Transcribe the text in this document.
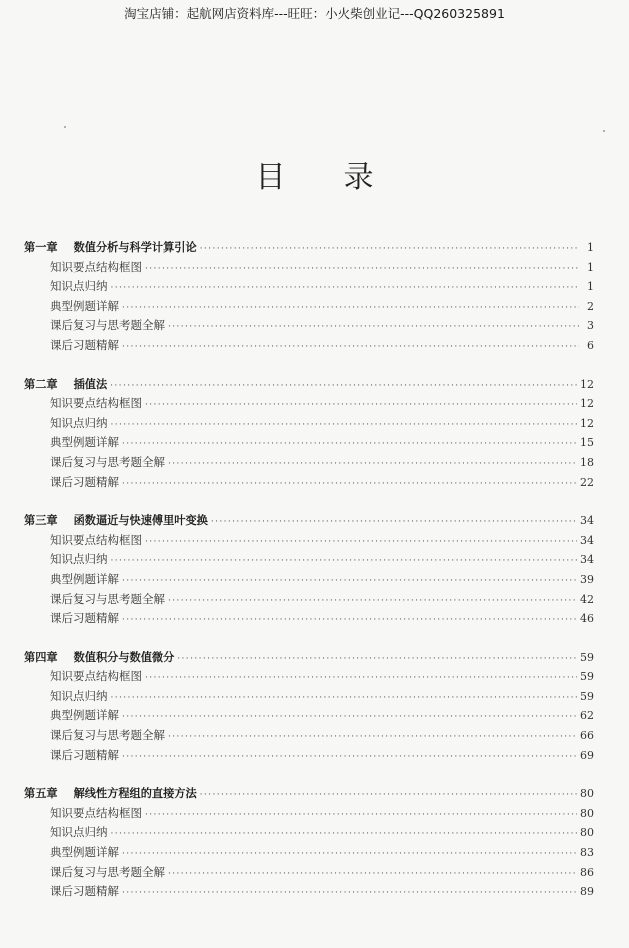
淘宝店铺：起航网店资料库---旺旺：小火柴创业记---QQ260325891
目录
第一章 数值分析与科学计算引论 ·····	1
知识要点结构框图 ·····	1
知识点归纳 ·····	1
典型例题详解 ·····	2
课后复习与思考题全解 ·····	3
课后习题精解 ·····	6
第二章 插值法 ·····	12
知识要点结构框图 ·····	12
知识点归纳 ·····	12
典型例题详解 ·····	15
课后复习与思考题全解 ·····	18
课后习题精解 ·····	22
第三章 函数逼近与快速傅里叶变换 ·····	34
知识要点结构框图 ·····	34
知识点归纳 ·····	34
典型例题详解 ·····	39
课后复习与思考题全解 ·····	42
课后习题精解 ·····	46
第四章 数值积分与数值微分 ·····	59
知识要点结构框图 ·····	59
知识点归纳 ·····	59
典型例题详解 ·····	62
课后复习与思考题全解 ·····	66
课后习题精解 ·····	69
第五章 解线性方程组的直接方法 ·····	80
知识要点结构框图 ·····	80
知识点归纳 ·····	80
典型例题详解 ·····	83
课后复习与思考题全解 ·····	86
课后习题精解 ·····	89
